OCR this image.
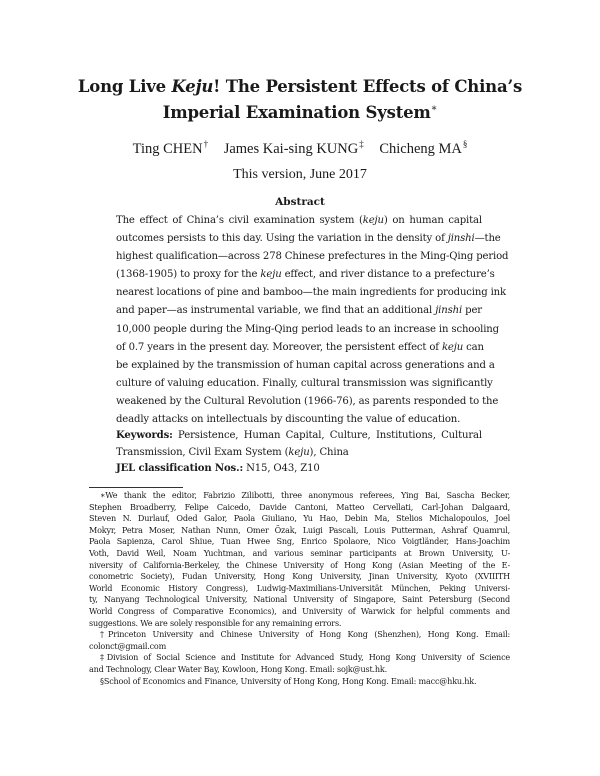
Long Live Keju! The Persistent Effects of China’s
Imperial Examination System∗
Ting CHEN† James Kai-sing KUNG‡ Chicheng MA§
This version, June 2017
Abstract
The effect of China’s civil examination system (keju) on human capital
outcomes persists to this day. Using the variation in the density of jinshi—the
highest qualification—across 278 Chinese prefectures in the Ming-Qing period
(1368-1905) to proxy for the keju effect, and river distance to a prefecture’s
nearest locations of pine and bamboo—the main ingredients for producing ink
and paper—as instrumental variable, we find that an additional jinshi per
10,000 people during the Ming-Qing period leads to an increase in schooling
of 0.7 years in the present day. Moreover, the persistent effect of keju can
be explained by the transmission of human capital across generations and a
culture of valuing education. Finally, cultural transmission was significantly
weakened by the Cultural Revolution (1966-76), as parents responded to the
deadly attacks on intellectuals by discounting the value of education.
Keywords: Persistence, Human Capital, Culture, Institutions, Cultural
Transmission, Civil Exam System (keju), China
JEL classification Nos.: N15, O43, Z10
∗We thank the editor, Fabrizio Zilibotti, three anonymous referees, Ying Bai, Sascha Becker,
Stephen Broadberry, Felipe Caicedo, Davide Cantoni, Matteo Cervellati, Carl-Johan Dalgaard,
Steven N. Durlauf, Oded Galor, Paola Giuliano, Yu Hao, Debin Ma, Stelios Michalopoulos, Joel
Mokyr, Petra Moser, Nathan Nunn, Omer Özak, Luigi Pascali, Louis Putterman, Ashraf Quamrul,
Paola Sapienza, Carol Shiue, Tuan Hwee Sng, Enrico Spolaore, Nico Voigtländer, Hans-Joachim
Voth, David Weil, Noam Yuchtman, and various seminar participants at Brown University, U-
niversity of California-Berkeley, the Chinese University of Hong Kong (Asian Meeting of the E-
conometric Society), Fudan University, Hong Kong University, Jinan University, Kyoto (XVIIITH
World Economic History Congress), Ludwig-Maximilians-Universität München, Peking Universi-
ty, Nanyang Technological University, National University of Singapore, Saint Petersburg (Second
World Congress of Comparative Economics), and University of Warwick for helpful comments and
suggestions. We are solely responsible for any remaining errors.
†Princeton University and Chinese University of Hong Kong (Shenzhen), Hong Kong. Email:
colonct@gmail.com
‡Division of Social Science and Institute for Advanced Study, Hong Kong University of Science
and Technology, Clear Water Bay, Kowloon, Hong Kong. Email: sojk@ust.hk.
§School of Economics and Finance, University of Hong Kong, Hong Kong. Email: macc@hku.hk.
